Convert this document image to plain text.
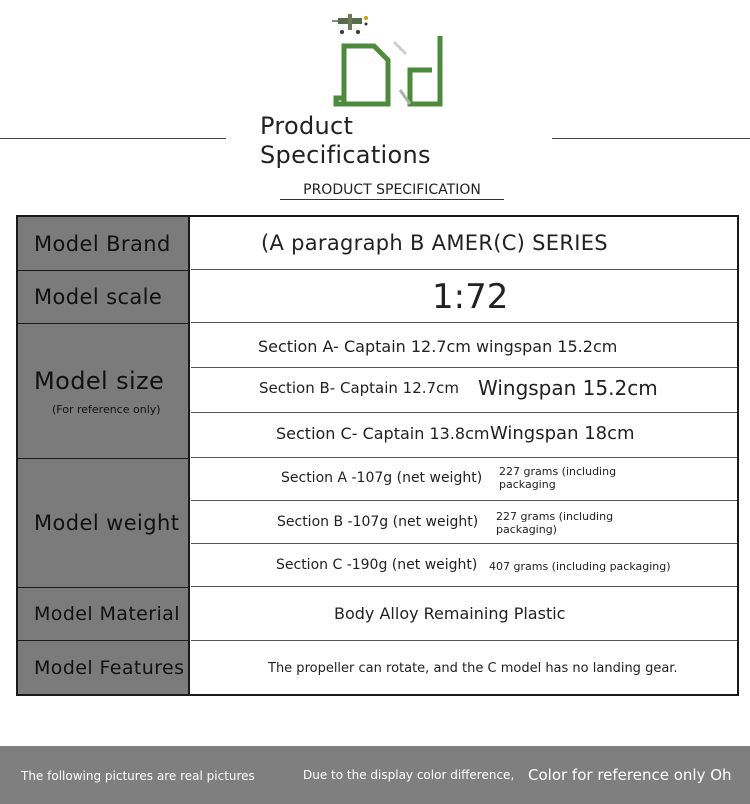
Product
Specifications
PRODUCT SPECIFICATION
Model Brand
Model scale
Model size
(For reference only)
Model weight
Model Material
Model Features
(A paragraph B AMER(C) SERIES
1:72
Section A- Captain 12.7cm wingspan 15.2cm
Section B- Captain 12.7cm Wingspan 15.2cm
Section C- Captain 13.8cm Wingspan 18cm
Section A -107g (net weight) 227 grams (including packaging
Section B -107g (net weight) 227 grams (including packaging)
Section C -190g (net weight) 407 grams (including packaging)
Body Alloy Remaining Plastic
The propeller can rotate, and the C model has no landing gear.
The following pictures are real pictures	Due to the display color difference, Color for reference only Oh
